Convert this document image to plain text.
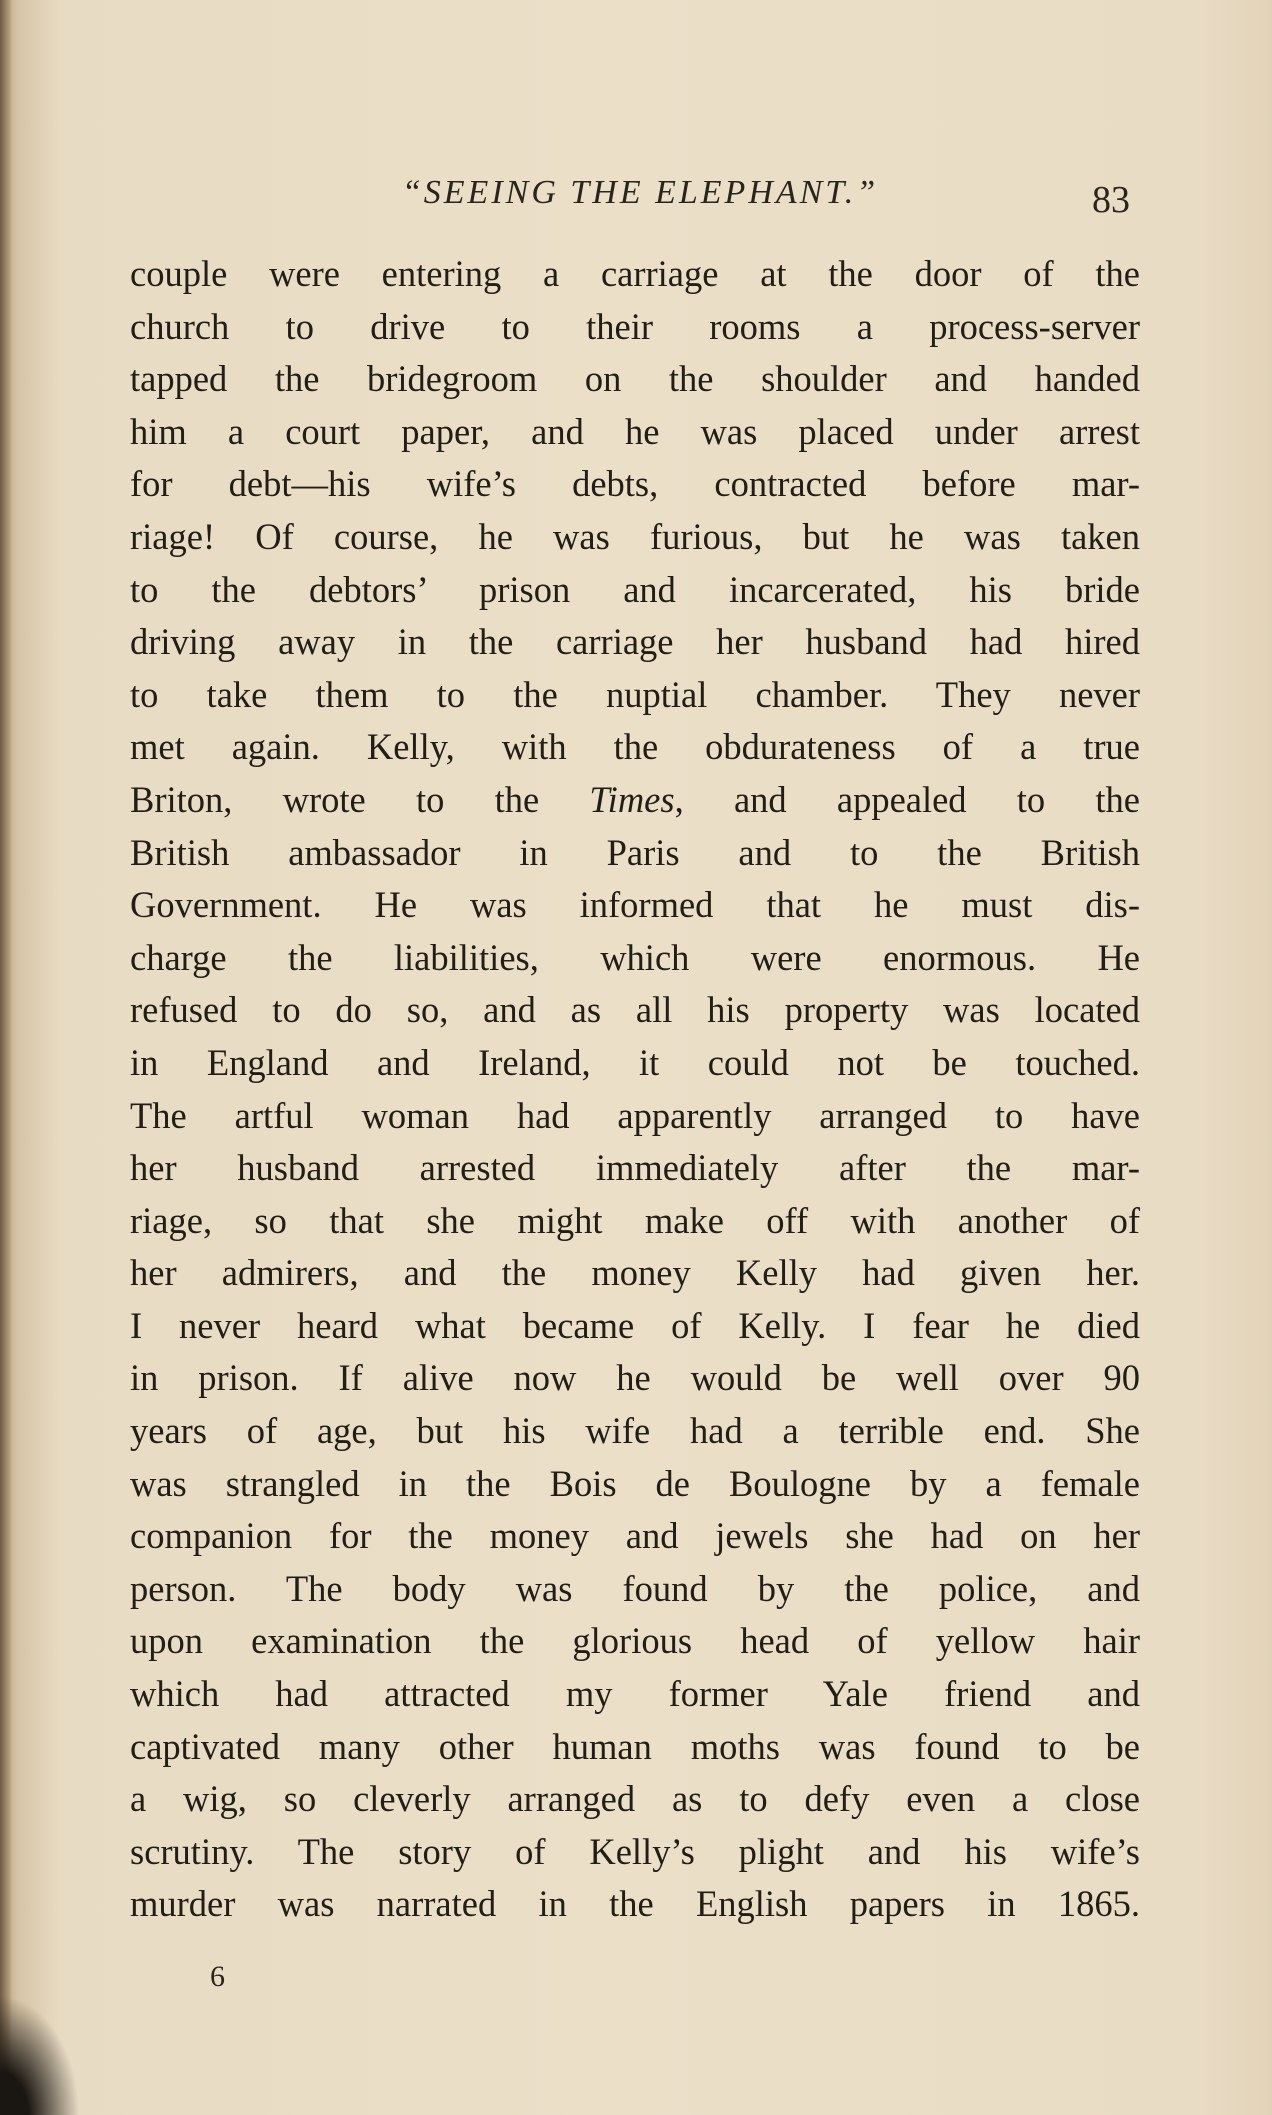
“SEEING THE ELEPHANT.”	83
couple were entering a carriage at the door of the
church to drive to their rooms a process-server
tapped the bridegroom on the shoulder and handed
him a court paper, and he was placed under arrest
for debt—his wife’s debts, contracted before mar-
riage! Of course, he was furious, but he was taken
to the debtors’ prison and incarcerated, his bride
driving away in the carriage her husband had hired
to take them to the nuptial chamber. They never
met again. Kelly, with the obdurateness of a true
Briton, wrote to the Times, and appealed to the
British ambassador in Paris and to the British
Government. He was informed that he must dis-
charge the liabilities, which were enormous. He
refused to do so, and as all his property was located
in England and Ireland, it could not be touched.
The artful woman had apparently arranged to have
her husband arrested immediately after the mar-
riage, so that she might make off with another of
her admirers, and the money Kelly had given her.
I never heard what became of Kelly. I fear he died
in prison. If alive now he would be well over 90
years of age, but his wife had a terrible end. She
was strangled in the Bois de Boulogne by a female
companion for the money and jewels she had on her
person. The body was found by the police, and
upon examination the glorious head of yellow hair
which had attracted my former Yale friend and
captivated many other human moths was found to be
a wig, so cleverly arranged as to defy even a close
scrutiny. The story of Kelly’s plight and his wife’s
murder was narrated in the English papers in 1865.
6
